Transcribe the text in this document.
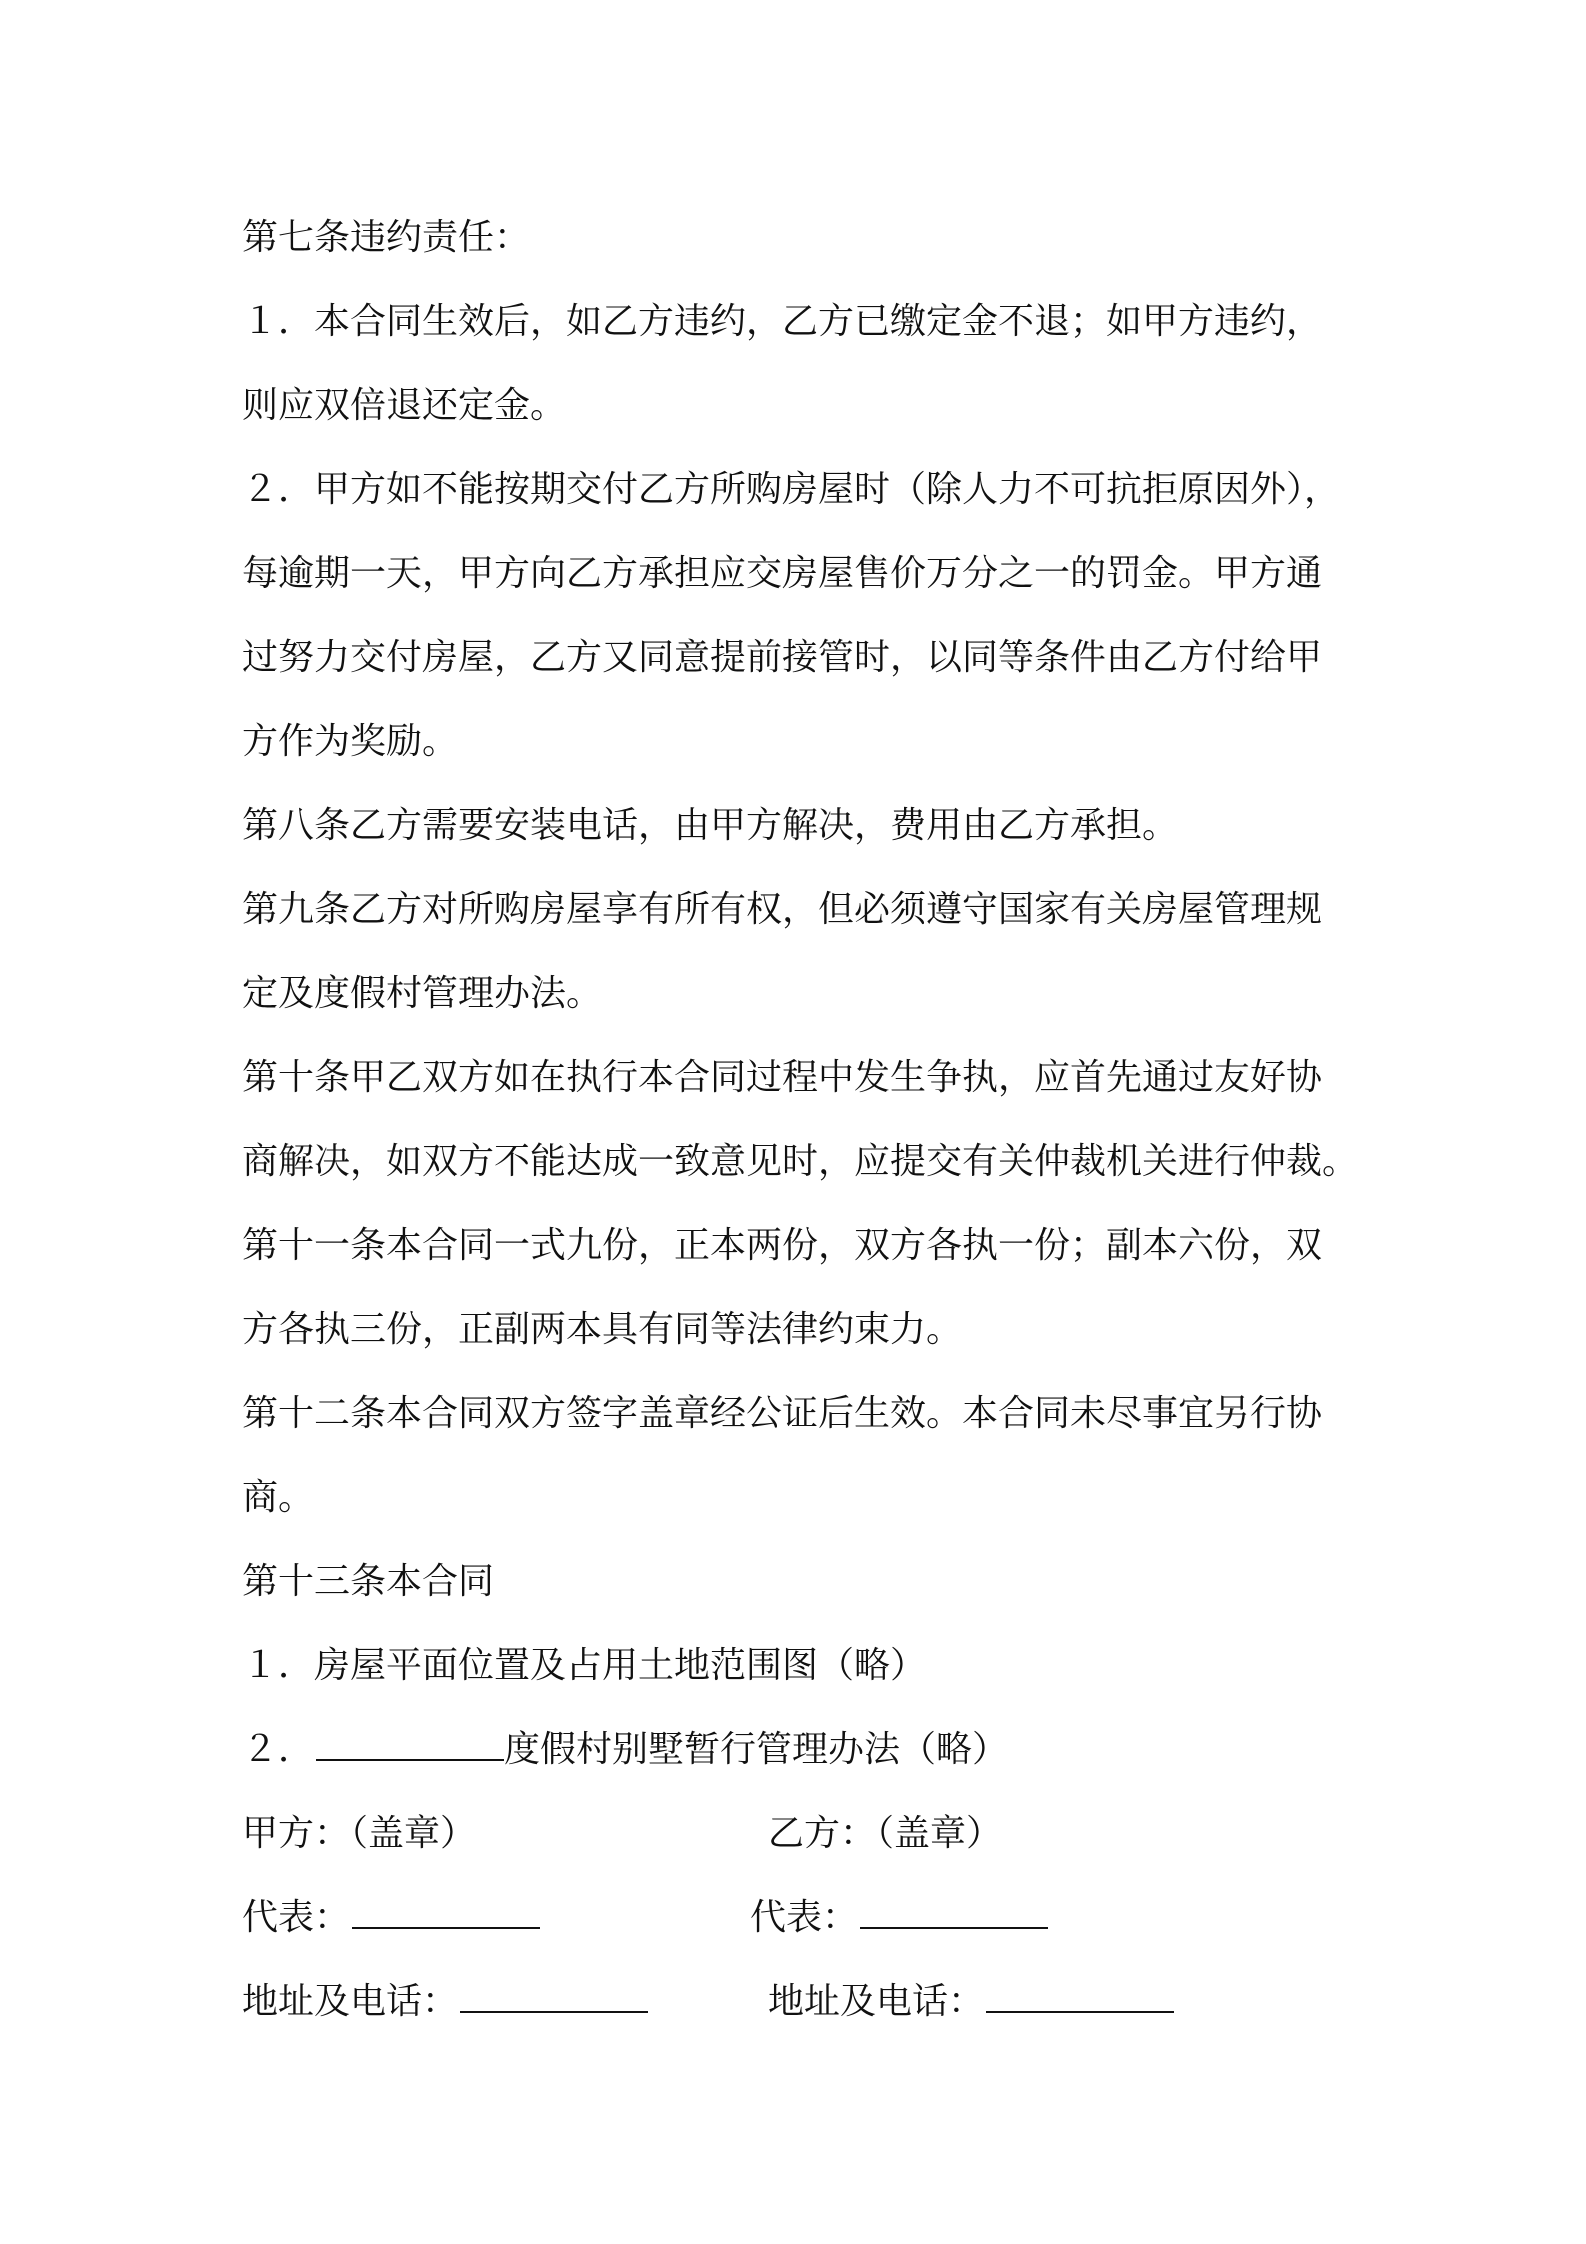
第七条违约责任：
１．本合同生效后，如乙方违约，乙方已缴定金不退；如甲方违约，
则应双倍退还定金。
２．甲方如不能按期交付乙方所购房屋时（除人力不可抗拒原因外），
每逾期一天，甲方向乙方承担应交房屋售价万分之一的罚金。甲方通
过努力交付房屋，乙方又同意提前接管时，以同等条件由乙方付给甲
方作为奖励。
第八条乙方需要安装电话，由甲方解决，费用由乙方承担。
第九条乙方对所购房屋享有所有权，但必须遵守国家有关房屋管理规
定及度假村管理办法。
第十条甲乙双方如在执行本合同过程中发生争执，应首先通过友好协
商解决，如双方不能达成一致意见时，应提交有关仲裁机关进行仲裁。
第十一条本合同一式九份，正本两份，双方各执一份；副本六份，双
方各执三份，正副两本具有同等法律约束力。
第十二条本合同双方签字盖章经公证后生效。本合同未尽事宜另行协
商。
第十三条本合同
１．房屋平面位置及占用土地范围图（略）
２．	度假村别墅暂行管理办法（略）
甲方：（盖章）	乙方：（盖章）
代表：	代表：
地址及电话：	地址及电话：
